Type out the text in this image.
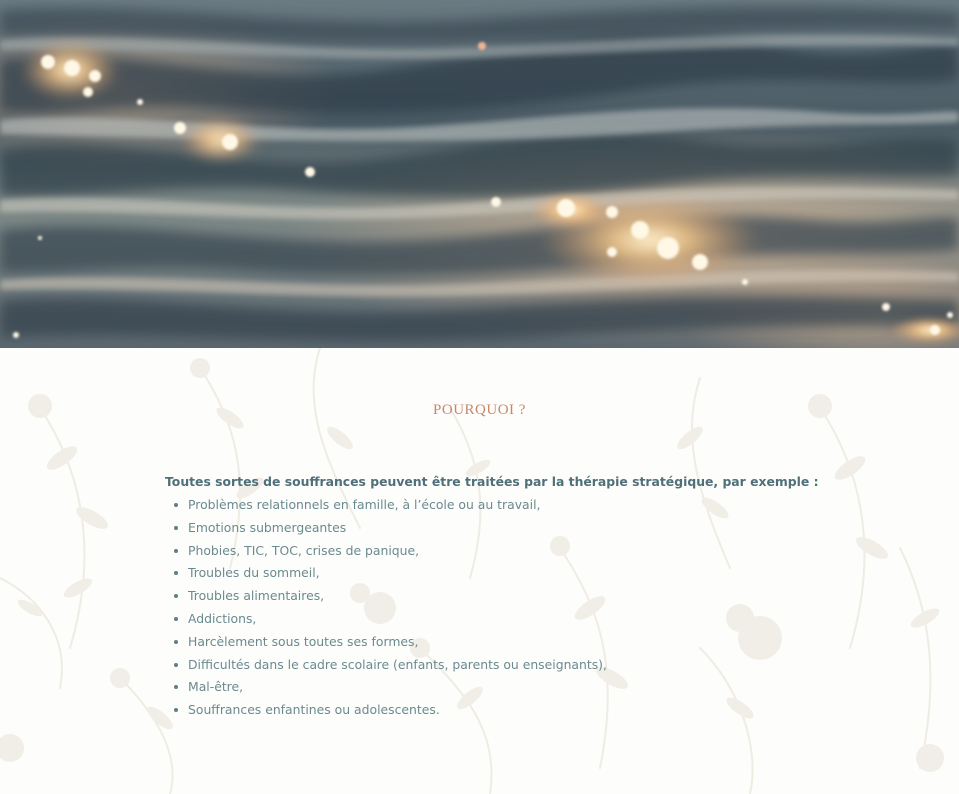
POURQUOI ?
Toutes sortes de souffrances peuvent être traitées par la thérapie stratégique, par exemple :
Problèmes relationnels en famille, à l’école ou au travail,
Emotions submergeantes
Phobies, TIC, TOC, crises de panique,
Troubles du sommeil,
Troubles alimentaires,
Addictions,
Harcèlement sous toutes ses formes,
Difficultés dans le cadre scolaire (enfants, parents ou enseignants),
Mal-être,
Souffrances enfantines ou adolescentes.
